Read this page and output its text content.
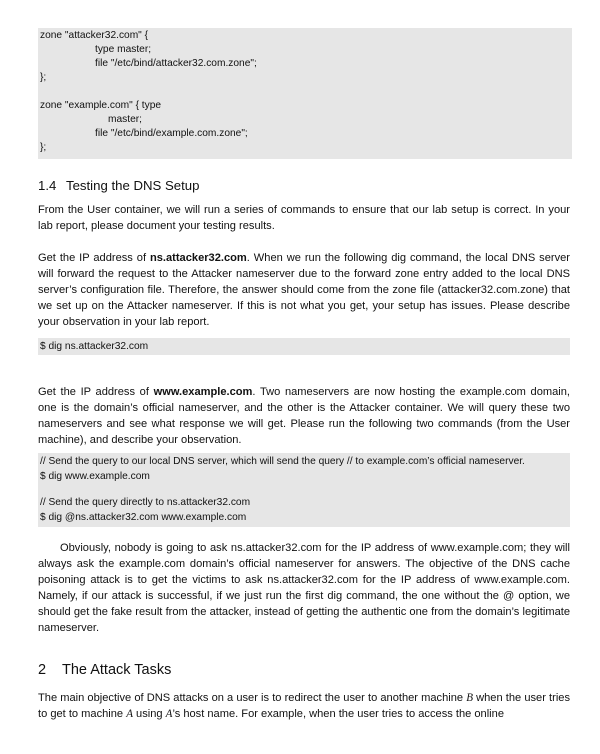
zone "attacker32.com" {
type master;
file "/etc/bind/attacker32.com.zone";
};
zone "example.com" { type
master;
file "/etc/bind/example.com.zone";
};
1.4 Testing the DNS Setup
From the User container, we will run a series of commands to ensure that our lab setup is correct. In your lab report, please document your testing results.
Get the IP address of ns.attacker32.com. When we run the following dig command, the local DNS server will forward the request to the Attacker nameserver due to the forward zone entry added to the local DNS server’s configuration file. Therefore, the answer should come from the zone file (attacker32.com.zone) that we set up on the Attacker nameserver. If this is not what you get, your setup has issues. Please describe your observation in your lab report.
$ dig ns.attacker32.com
Get the IP address of www.example.com. Two nameservers are now hosting the example.com domain, one is the domain’s official nameserver, and the other is the Attacker container. We will query these two nameservers and see what response we will get. Please run the following two commands (from the User machine), and describe your observation.
// Send the query to our local DNS server, which will send the query // to example.com’s official nameserver.
$ dig www.example.com
// Send the query directly to ns.attacker32.com
$ dig @ns.attacker32.com www.example.com
Obviously, nobody is going to ask ns.attacker32.com for the IP address of www.example.com; they will always ask the example.com domain’s official nameserver for answers. The objective of the DNS cache poisoning attack is to get the victims to ask ns.attacker32.com for the IP address of www.example.com. Namely, if our attack is successful, if we just run the first dig command, the one without the @ option, we should get the fake result from the attacker, instead of getting the authentic one from the domain’s legitimate nameserver.
2 The Attack Tasks
The main objective of DNS attacks on a user is to redirect the user to another machine B when the user tries to get to machine A using A’s host name. For example, when the user tries to access the online
